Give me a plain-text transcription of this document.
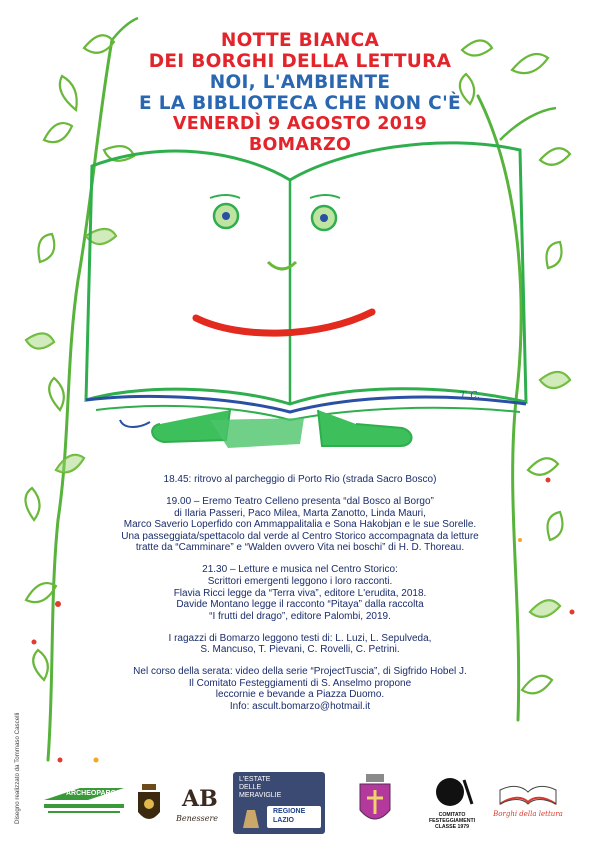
T. C.
NOTTE BIANCA
DEI BORGHI DELLA LETTURA
NOI, L'AMBIENTE
E LA BIBLIOTECA CHE NON C'È
VENERDÌ 9 AGOSTO 2019
BOMARZO
18.45: ritrovo al parcheggio di Porto Rio (strada Sacro Bosco)
19.00 – Eremo Teatro Celleno presenta “dal Bosco al Borgo”
di Ilaria Passeri, Paco Milea, Marta Zanotto, Linda Mauri,
Marco Saverio Loperfido con Ammappalitalia e Sona Hakobjan e le sue Sorelle.
Una passeggiata/spettacolo dal verde al Centro Storico accompagnata da letture
tratte da “Camminare” e “Walden ovvero Vita nei boschi” di H. D. Thoreau.
21.30 – Letture e musica nel Centro Storico:
Scrittori emergenti leggono i loro racconti.
Flavia Ricci legge da “Terra viva”, editore L'erudita, 2018.
Davide Montano legge il racconto “Pitaya” dalla raccolta
“I frutti del drago”, editore Palombi, 2019.
I ragazzi di Bomarzo leggono testi di: L. Luzi, L. Sepulveda,
S. Mancuso, T. Pievani, C. Rovelli, C. Petrini.
Nel corso della serata: video della serie “ProjectTuscia”, di Sigfrido Hobel J.
Il Comitato Festeggiamenti di S. Anselmo propone
leccornie e bevande a Piazza Duomo.
Info: ascult.bomarzo@hotmail.it
Disegno realizzato da Tommaso Cascelli	ARCHEOPARCO	AB
Benessere
L'ESTATE
DELLE
MERAVIGLIE
REGIONE
LAZIO
COMITATO
FESTEGGIAMENTI
CLASSE 1979
Borghi della lettura
